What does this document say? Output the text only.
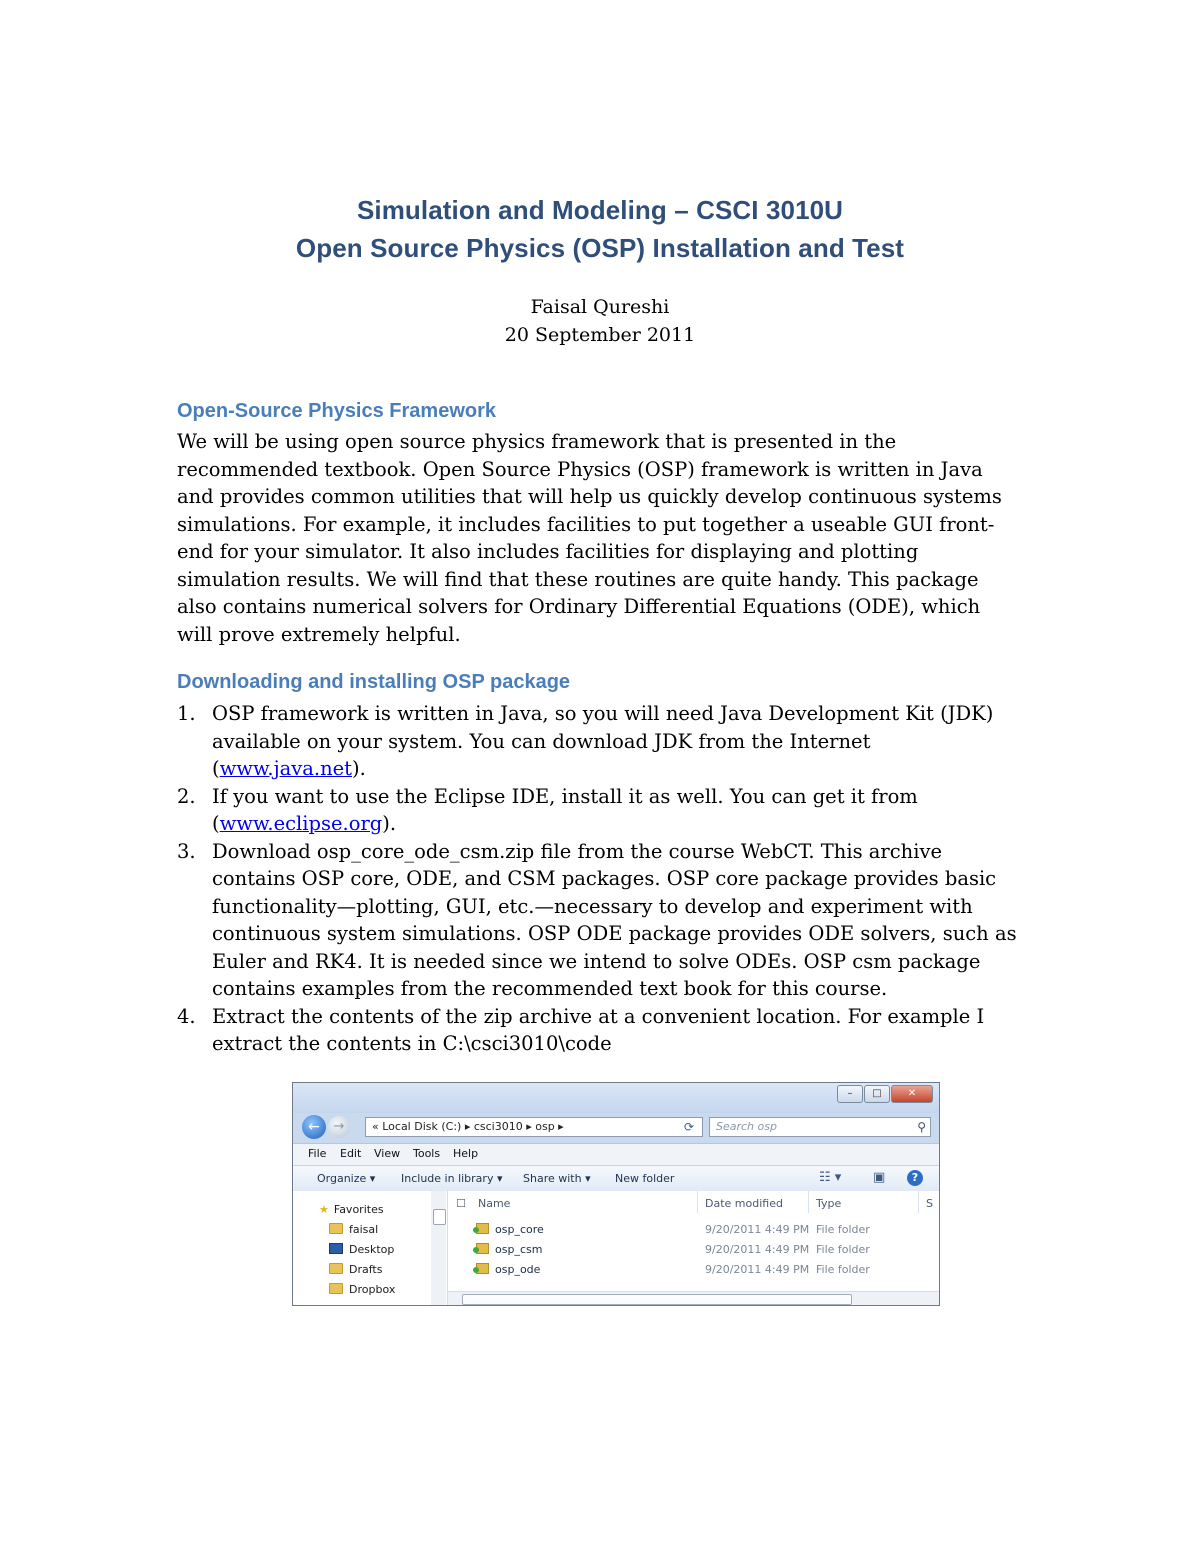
Simulation and Modeling – CSCI 3010U
Open Source Physics (OSP) Installation and Test
Faisal Qureshi
20 September 2011
Open-Source Physics Framework
We will be using open source physics framework that is presented in the
recommended textbook. Open Source Physics (OSP) framework is written in Java
and provides common utilities that will help us quickly develop continuous systems
simulations. For example, it includes facilities to put together a useable GUI front-
end for your simulator. It also includes facilities for displaying and plotting
simulation results. We will find that these routines are quite handy. This package
also contains numerical solvers for Ordinary Differential Equations (ODE), which
will prove extremely helpful.
Downloading and installing OSP package
1. OSP framework is written in Java, so you will need Java Development Kit (JDK)
available on your system. You can download JDK from the Internet
(www.java.net).
2. If you want to use the Eclipse IDE, install it as well. You can get it from
(www.eclipse.org).
3. Download osp_core_ode_csm.zip file from the course WebCT. This archive
contains OSP core, ODE, and CSM packages. OSP core package provides basic
functionality—plotting, GUI, etc.—necessary to develop and experiment with
continuous system simulations. OSP ODE package provides ODE solvers, such as
Euler and RK4. It is needed since we intend to solve ODEs. OSP csm package
contains examples from the recommended text book for this course.
4. Extract the contents of the zip archive at a convenient location. For example I
extract the contents in C:\csci3010\code
–	□	✕
←	→	« Local Disk (C:) ▸ csci3010 ▸ osp ▸	⟳	Search osp	⚲
File Edit View Tools Help
Organize ▾ Include in library ▾ Share with ▾ New folder	☷ ▾ ▣	?
★ Favorites
faisal
Desktop
Drafts
Dropbox
☐ Name	Date modified	Type	S
osp_core	9/20/2011 4:49 PM File folder
osp_csm	9/20/2011 4:49 PM File folder
osp_ode	9/20/2011 4:49 PM File folder
